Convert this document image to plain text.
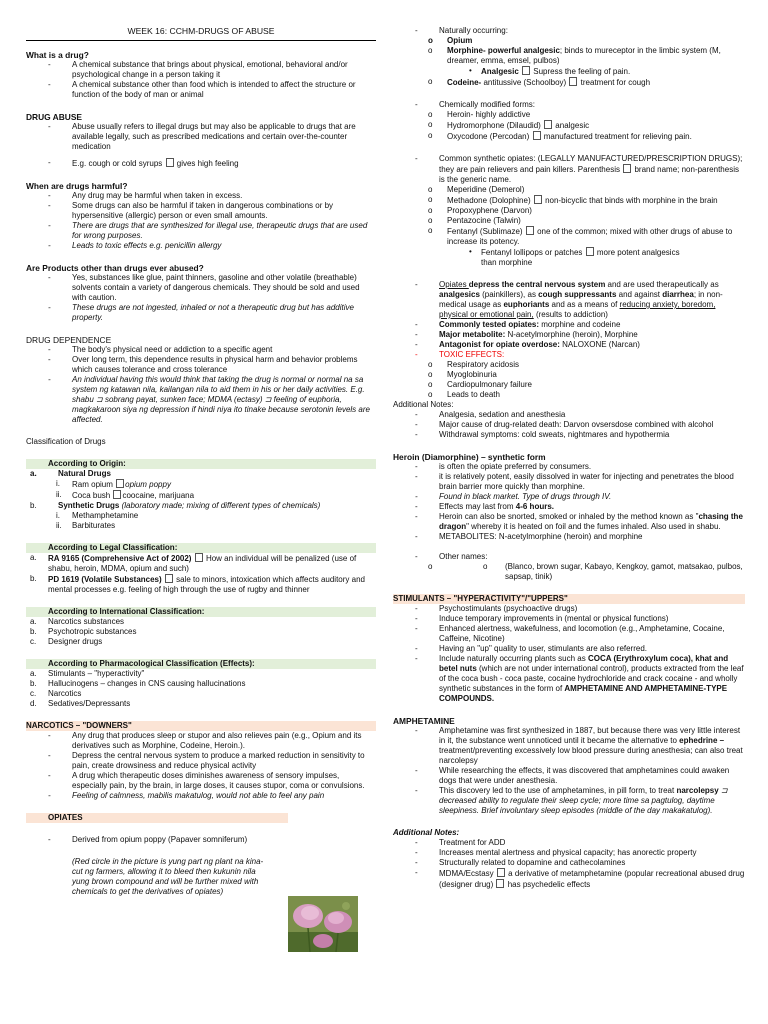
WEEK 16: CCHM-DRUGS OF ABUSE

What is a drug?

- A chemical substance that brings about physical, emotional, behavioral and/or psychological change in a person taking it
- A chemical substance other than food which is intended to affect the structure or function of the body of man or animal

DRUG ABUSE

- Abuse usually refers to illegal drugs but may also be applicable to drugs that are available legally, such as prescribed medications and certain over-the-counter medication
- E.g. cough or cold syrups gives high feeling

When are drugs harmful?

- Any drug may be harmful when taken in excess.
- Some drugs can also be harmful if taken in dangerous combinations or by hypersensitive (allergic) person or even small amounts.
- There are drugs that are synthesized for illegal use, therapeutic drugs that are used for wrong purposes.
- Leads to toxic effects e.g. penicillin allergy

Are Products other than drugs ever abused?

- Yes, substances like glue, paint thinners, gasoline and other volatile (breathable) solvents contain a variety of dangerous chemicals. They should be sold and used with caution.
- These drugs are not ingested, inhaled or not a therapeutic drug but has additive property.

DRUG DEPENDENCE

- The body's physical need or addiction to a specific agent
- Over long term, this dependence results in physical harm and behavior problems which causes tolerance and cross tolerance
- An individual having this would think that taking the drug is normal or normal na sa system ng katawan nila, kailangan nila to aid them in his or her daily activities. E.g. shabu ⊐ sobrang payat, sunken face; MDMA (ectasy) ⊐ feeling of euphoria, magkakaroon siya ng depression if hindi niya ito tinake because serotonin levels are affected.

Classification of Drugs

According to Origin:
a.	Natural Drugs
i. Ram opium opium poppy
ii. Coca bush coocaine, marijuana
b.	Synthetic Drugs (laboratory made; mixing of different types of chemicals)
i. Methamphetamine
ii. Barbiturates
According to Legal Classification:
a. RA 9165 (Comprehensive Act of 2002) How an individual will be penalized (use of shabu, heroin, MDMA, opium and such)
b. PD 1619 (Volatile Substances) sale to minors, intoxication which affects auditory and mental processes e.g. feeling of high through the use of rugby and thinner
According to International Classification:
a. Narcotics substances
b. Psychotropic substances
c. Designer drugs
According to Pharmacological Classification (Effects):
a. Stimulants – "hyperactivity"
b. Hallucinogens – changes in CNS causing hallucinations
c. Narcotics
d. Sedatives/Depressants
NARCOTICS – "DOWNERS"
- Any drug that produces sleep or stupor and also relieves pain (e.g., Opium and its derivatives such as Morphine, Codeine, Heroin.).
- Depress the central nervous system to produce a marked reduction in sensitivity to pain, create drowsiness and reduce physical activity
- A drug which therapeutic doses diminishes awareness of sensory impulses, especially pain, by the brain, in large doses, it causes stupor, coma or convulsions.
- Feeling of calmness, mabilis makatulog, would not able to feel any pain
OPIATES
- Derived from opium poppy (Papaver somniferum)

(Red circle in the picture is yung part ng plant na kina-cut ng farmers, allowing it to bleed then kukunin nila yung brown compound and will be further mixed with chemicals to get the derivatives of opiates)

- Naturally occurring:
o Opium
o Morphine- powerful analgesic; binds to mureceptor in the limbic system (M, dreamer, emma, emsel, pulbos)
• Analgesic Supress the feeling of pain.
o Codeine- antitussive (Schoolboy) treatment for cough
- Chemically modified forms:
o Heroin- highly addictive
o Hydromorphone (Dilaudid) analgesic
o Oxycodone (Percodan) manufactured treatment for relieving pain.
- Common synthetic opiates: (LEGALLY MANUFACTURED/PRESCRIPTION DRUGS); they are pain relievers and pain killers. Parenthesis brand name; non-parenthesis is the generic name.
o Meperidine (Demerol)
o Methadone (Dolophine) non-bicyclic that binds with morphine in the brain
o Propoxyphene (Darvon)
o Pentazocine (Talwin)
o Fentanyl (Sublimaze) one of the common; mixed with other drugs of abuse to increase its potency.
• Fentanyl lollipops or patches more potent analgesics than morphine
- Opiates depress the central nervous system and are used therapeutically as analgesics (painkillers), as cough suppressants and against diarrhea; in non-medical usage as euphoriants and as a means of reducing anxiety, boredom, physical or emotional pain, (results to addiction)
- Commonly tested opiates: morphine and codeine
- Major metabolite: N-acetylmorphine (heroin), Morphine
- Antagonist for opiate overdose: NALOXONE (Narcan)
- TOXIC EFFECTS:
o Respiratory acidosis
o Myoglobinuria
o Cardiopulmonary failure
o Leads to death

Additional Notes:

- Analgesia, sedation and anesthesia
- Major cause of drug-related death: Darvon ovsersdose combined with alcohol
- Withdrawal symptoms: cold sweats, nightmares and hypothermia

Heroin (Diamorphine) – synthetic form

- is often the opiate preferred by consumers.
- it is relatively potent, easily dissolved in water for injecting and penetrates the blood brain barrier more quickly than morphine.
- Found in black market. Type of drugs through IV.
- Effects may last from 4-6 hours.
- Heroin can also be snorted, smoked or inhaled by the method known as "chasing the dragon" whereby it is heated on foil and the fumes inhaled. Also used in shabu.
- METABOLITES: N-acetylmorphine (heroin) and morphine
- Other names:
o o (Blanco, brown sugar, Kabayo, Kengkoy, gamot, matsakao, pulbos, sapsap, tinik)
STIMULANTS – "HYPERACTIVITY"/"UPPERS"
- Psychostimulants (psychoactive drugs)
- Induce temporary improvements in (mental or physical functions)
- Enhanced alertness, wakefulness, and locomotion (e.g., Amphetamine, Cocaine, Caffeine, Nicotine)
- Having an "up" quality to user, stimulants are also referred.
- Include naturally occurring plants such as COCA (Erythroxylum coca), khat and betel nuts (which are not under international control), products extracted from the leaf of the coca bush - coca paste, cocaine hydrochloride and crack cocaine - and wholly synthetic substances in the form of AMPHETAMINE AND AMPHETAMINE-TYPE COMPOUNDS.

AMPHETAMINE

- Amphetamine was first synthesized in 1887, but because there was very little interest in it, the substance went unnoticed until it became the alternative to ephedrine – treatment/preventing excessively low blood pressure during anesthesia; can also treat narcolepsy
- While researching the effects, it was discovered that amphetamines could awaken dogs that were under anesthesia.
- This discovery led to the use of amphetamines, in pill form, to treat narcolepsy ⊐ decreased ability to regulate their sleep cycle; more time sa pagtulog, daytime sleepiness. Brief involuntary sleep episodes (middle of the day makakatulog).

Additional Notes:

- Treatment for ADD
- Increases mental alertness and physical capacity; has anorectic property
- Structurally related to dopamine and cathecolamines
- MDMA/Ecstasy a derivative of metamphetamine (popular recreational abused drug (designer drug) has psychedelic effects
